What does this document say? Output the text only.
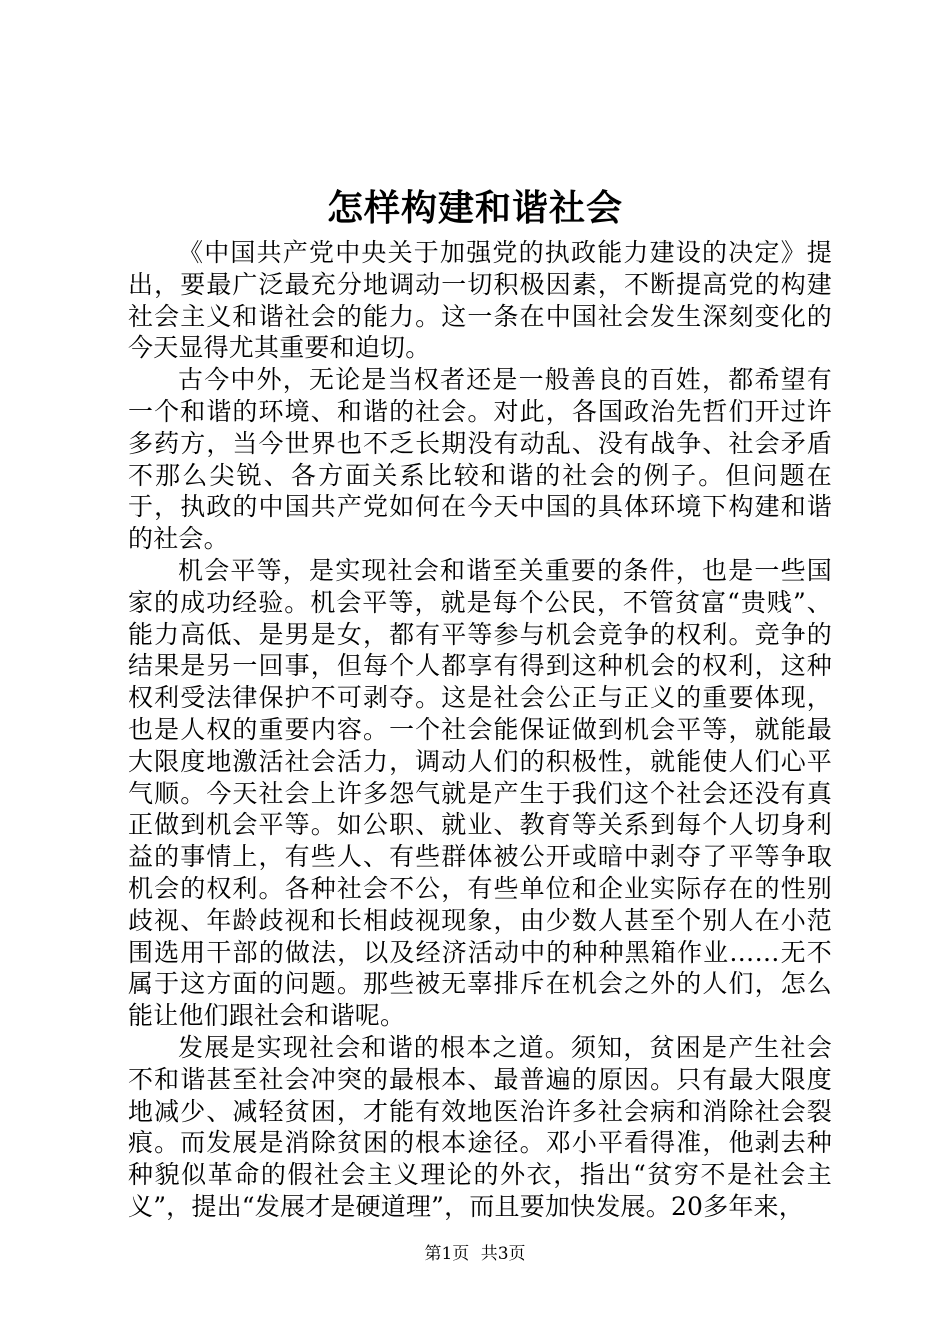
怎样构建和谐社会

《中国共产党中央关于加强党的执政能力建设的决定》提出，要最广泛最充分地调动一切积极因素，不断提高党的构建社会主义和谐社会的能力。这一条在中国社会发生深刻变化的今天显得尤其重要和迫切。

古今中外，无论是当权者还是一般善良的百姓，都希望有一个和谐的环境、和谐的社会。对此，各国政治先哲们开过许多药方，当今世界也不乏长期没有动乱、没有战争、社会矛盾不那么尖锐、各方面关系比较和谐的社会的例子。但问题在于，执政的中国共产党如何在今天中国的具体环境下构建和谐的社会。

机会平等，是实现社会和谐至关重要的条件，也是一些国家的成功经验。机会平等，就是每个公民，不管贫富“贵贱”、能力高低、是男是女，都有平等参与机会竞争的权利。竞争的结果是另一回事，但每个人都享有得到这种机会的权利，这种权利受法律保护不可剥夺。这是社会公正与正义的重要体现，也是人权的重要内容。一个社会能保证做到机会平等，就能最大限度地激活社会活力，调动人们的积极性，就能使人们心平气顺。今天社会上许多怨气就是产生于我们这个社会还没有真正做到机会平等。如公职、就业、教育等关系到每个人切身利益的事情上，有些人、有些群体被公开或暗中剥夺了平等争取机会的权利。各种社会不公，有些单位和企业实际存在的性别歧视、年龄歧视和长相歧视现象，由少数人甚至个别人在小范围选用干部的做法，以及经济活动中的种种黑箱作业……无不属于这方面的问题。那些被无辜排斥在机会之外的人们，怎么能让他们跟社会和谐呢。

发展是实现社会和谐的根本之道。须知，贫困是产生社会不和谐甚至社会冲突的最根本、最普遍的原因。只有最大限度地减少、减轻贫困，才能有效地医治许多社会病和消除社会裂痕。而发展是消除贫困的根本途径。邓小平看得准，他剥去种种貌似革命的假社会主义理论的外衣，指出“贫穷不是社会主义”，提出“发展才是硬道理”，而且要加快发展。20多年来，

第1页 共3页
